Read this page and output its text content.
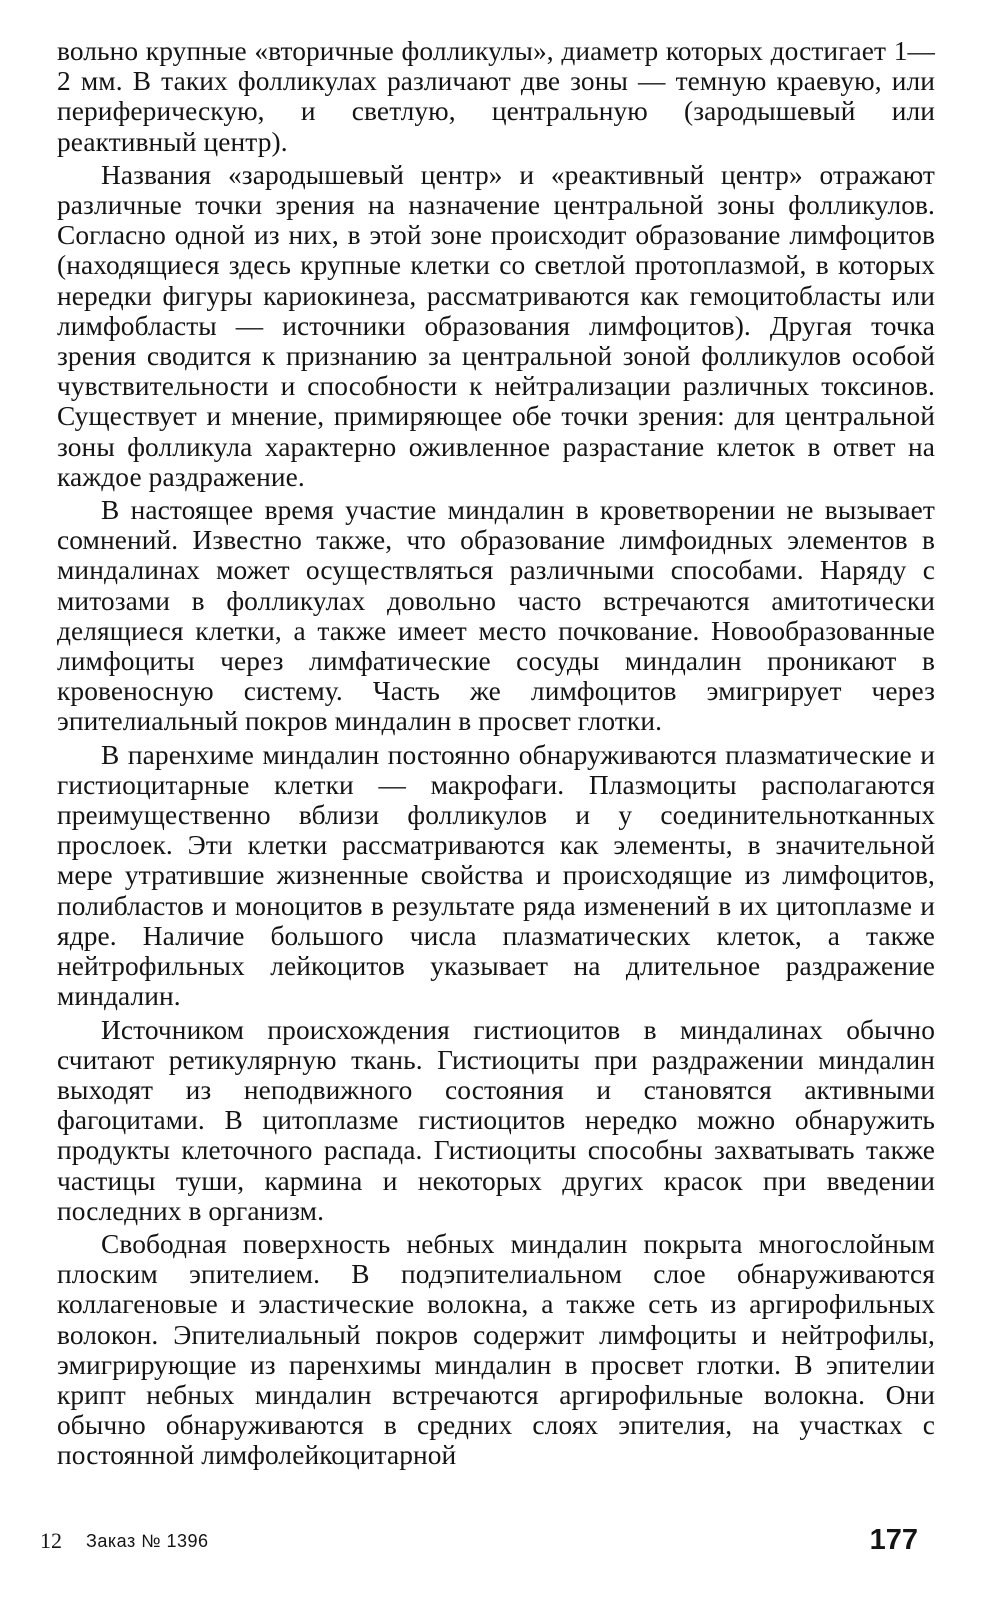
вольно крупные «вторичные фолликулы», диаметр которых достигает 1—2 мм. В таких фолликулах различают две зоны — темную краевую, или периферическую, и светлую, центральную (зародышевый или реактивный центр).

Названия «зародышевый центр» и «реактивный центр» отражают различные точки зрения на назначение центральной зоны фолликулов. Согласно одной из них, в этой зоне происходит образование лимфоцитов (находящиеся здесь крупные клетки со светлой протоплазмой, в которых нередки фигуры кариокинеза, рассматриваются как гемоцитобласты или лимфобласты — источники образования лимфоцитов). Другая точка зрения сводится к признанию за центральной зоной фолликулов особой чувствительности и способности к нейтрализации различных токсинов. Существует и мнение, примиряющее обе точки зрения: для центральной зоны фолликула характерно оживленное разрастание клеток в ответ на каждое раздражение.

В настоящее время участие миндалин в кроветворении не вызывает сомнений. Известно также, что образование лимфоидных элементов в миндалинах может осуществляться различными способами. Наряду с митозами в фолликулах довольно часто встречаются амитотически делящиеся клетки, а также имеет место почкование. Новообразованные лимфоциты через лимфатические сосуды миндалин проникают в кровеносную систему. Часть же лимфоцитов эмигрирует через эпителиальный покров миндалин в просвет глотки.

В паренхиме миндалин постоянно обнаруживаются плазматические и гистиоцитарные клетки — макрофаги. Плазмоциты располагаются преимущественно вблизи фолликулов и у соединительнотканных прослоек. Эти клетки рассматриваются как элементы, в значительной мере утратившие жизненные свойства и происходящие из лимфоцитов, полибластов и моноцитов в результате ряда изменений в их цитоплазме и ядре. Наличие большого числа плазматических клеток, а также нейтрофильных лейкоцитов указывает на длительное раздражение миндалин.

Источником происхождения гистиоцитов в миндалинах обычно считают ретикулярную ткань. Гистиоциты при раздражении миндалин выходят из неподвижного состояния и становятся активными фагоцитами. В цитоплазме гистиоцитов нередко можно обнаружить продукты клеточного распада. Гистиоциты способны захватывать также частицы туши, кармина и некоторых других красок при введении последних в организм.

Свободная поверхность небных миндалин покрыта многослойным плоским эпителием. В подэпителиальном слое обнаруживаются коллагеновые и эластические волокна, а также сеть из аргирофильных волокон. Эпителиальный покров содержит лимфоциты и нейтрофилы, эмигрирующие из паренхимы миндалин в просвет глотки. В эпителии крипт небных миндалин встречаются аргирофильные волокна. Они обычно обнаруживаются в средних слоях эпителия, на участках с постоянной лимфолейкоцитарной

12 Заказ № 1396	177
